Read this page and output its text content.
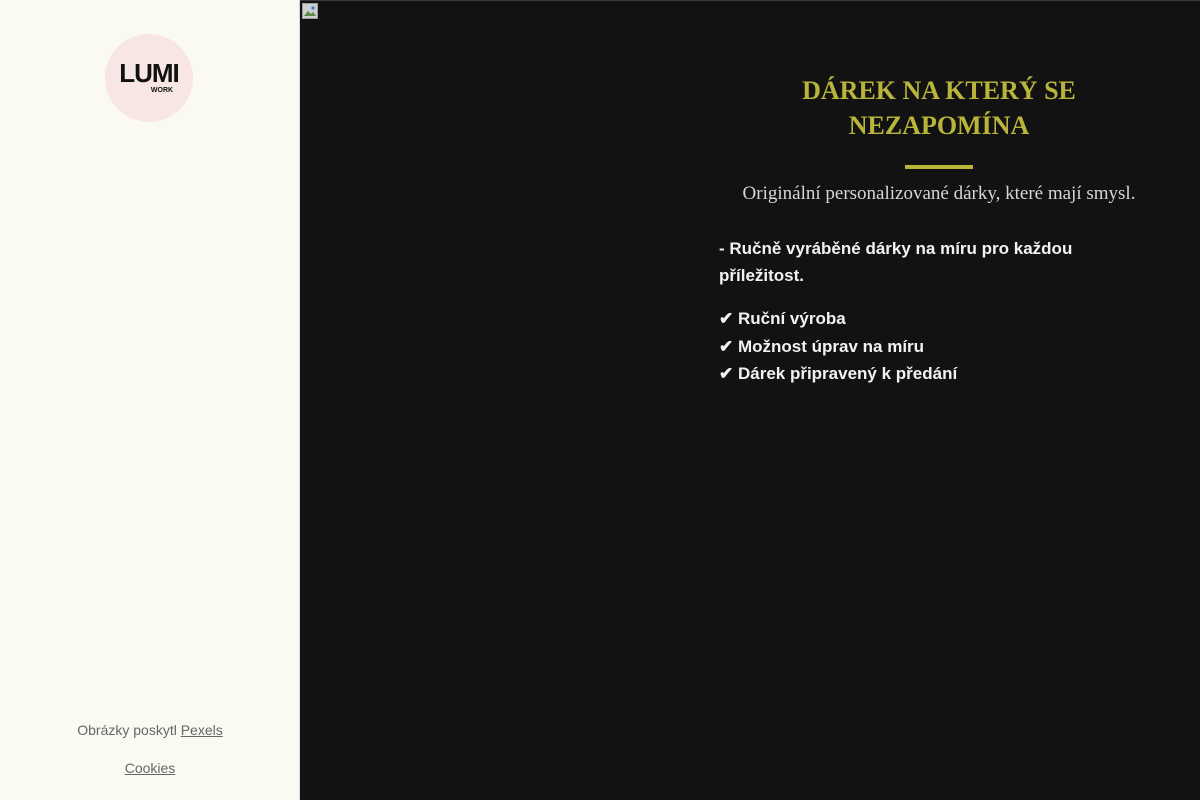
LUMI
WORK
Obrázky poskytl Pexels
Cookies
DÁREK NA KTERÝ SE NEZAPOMÍNA

Originální personalizované dárky, které mají smysl.

- Ručně vyráběné dárky na míru pro každou příležitost.

✔ Ruční výroba
✔ Možnost úprav na míru
✔ Dárek připravený k předání
